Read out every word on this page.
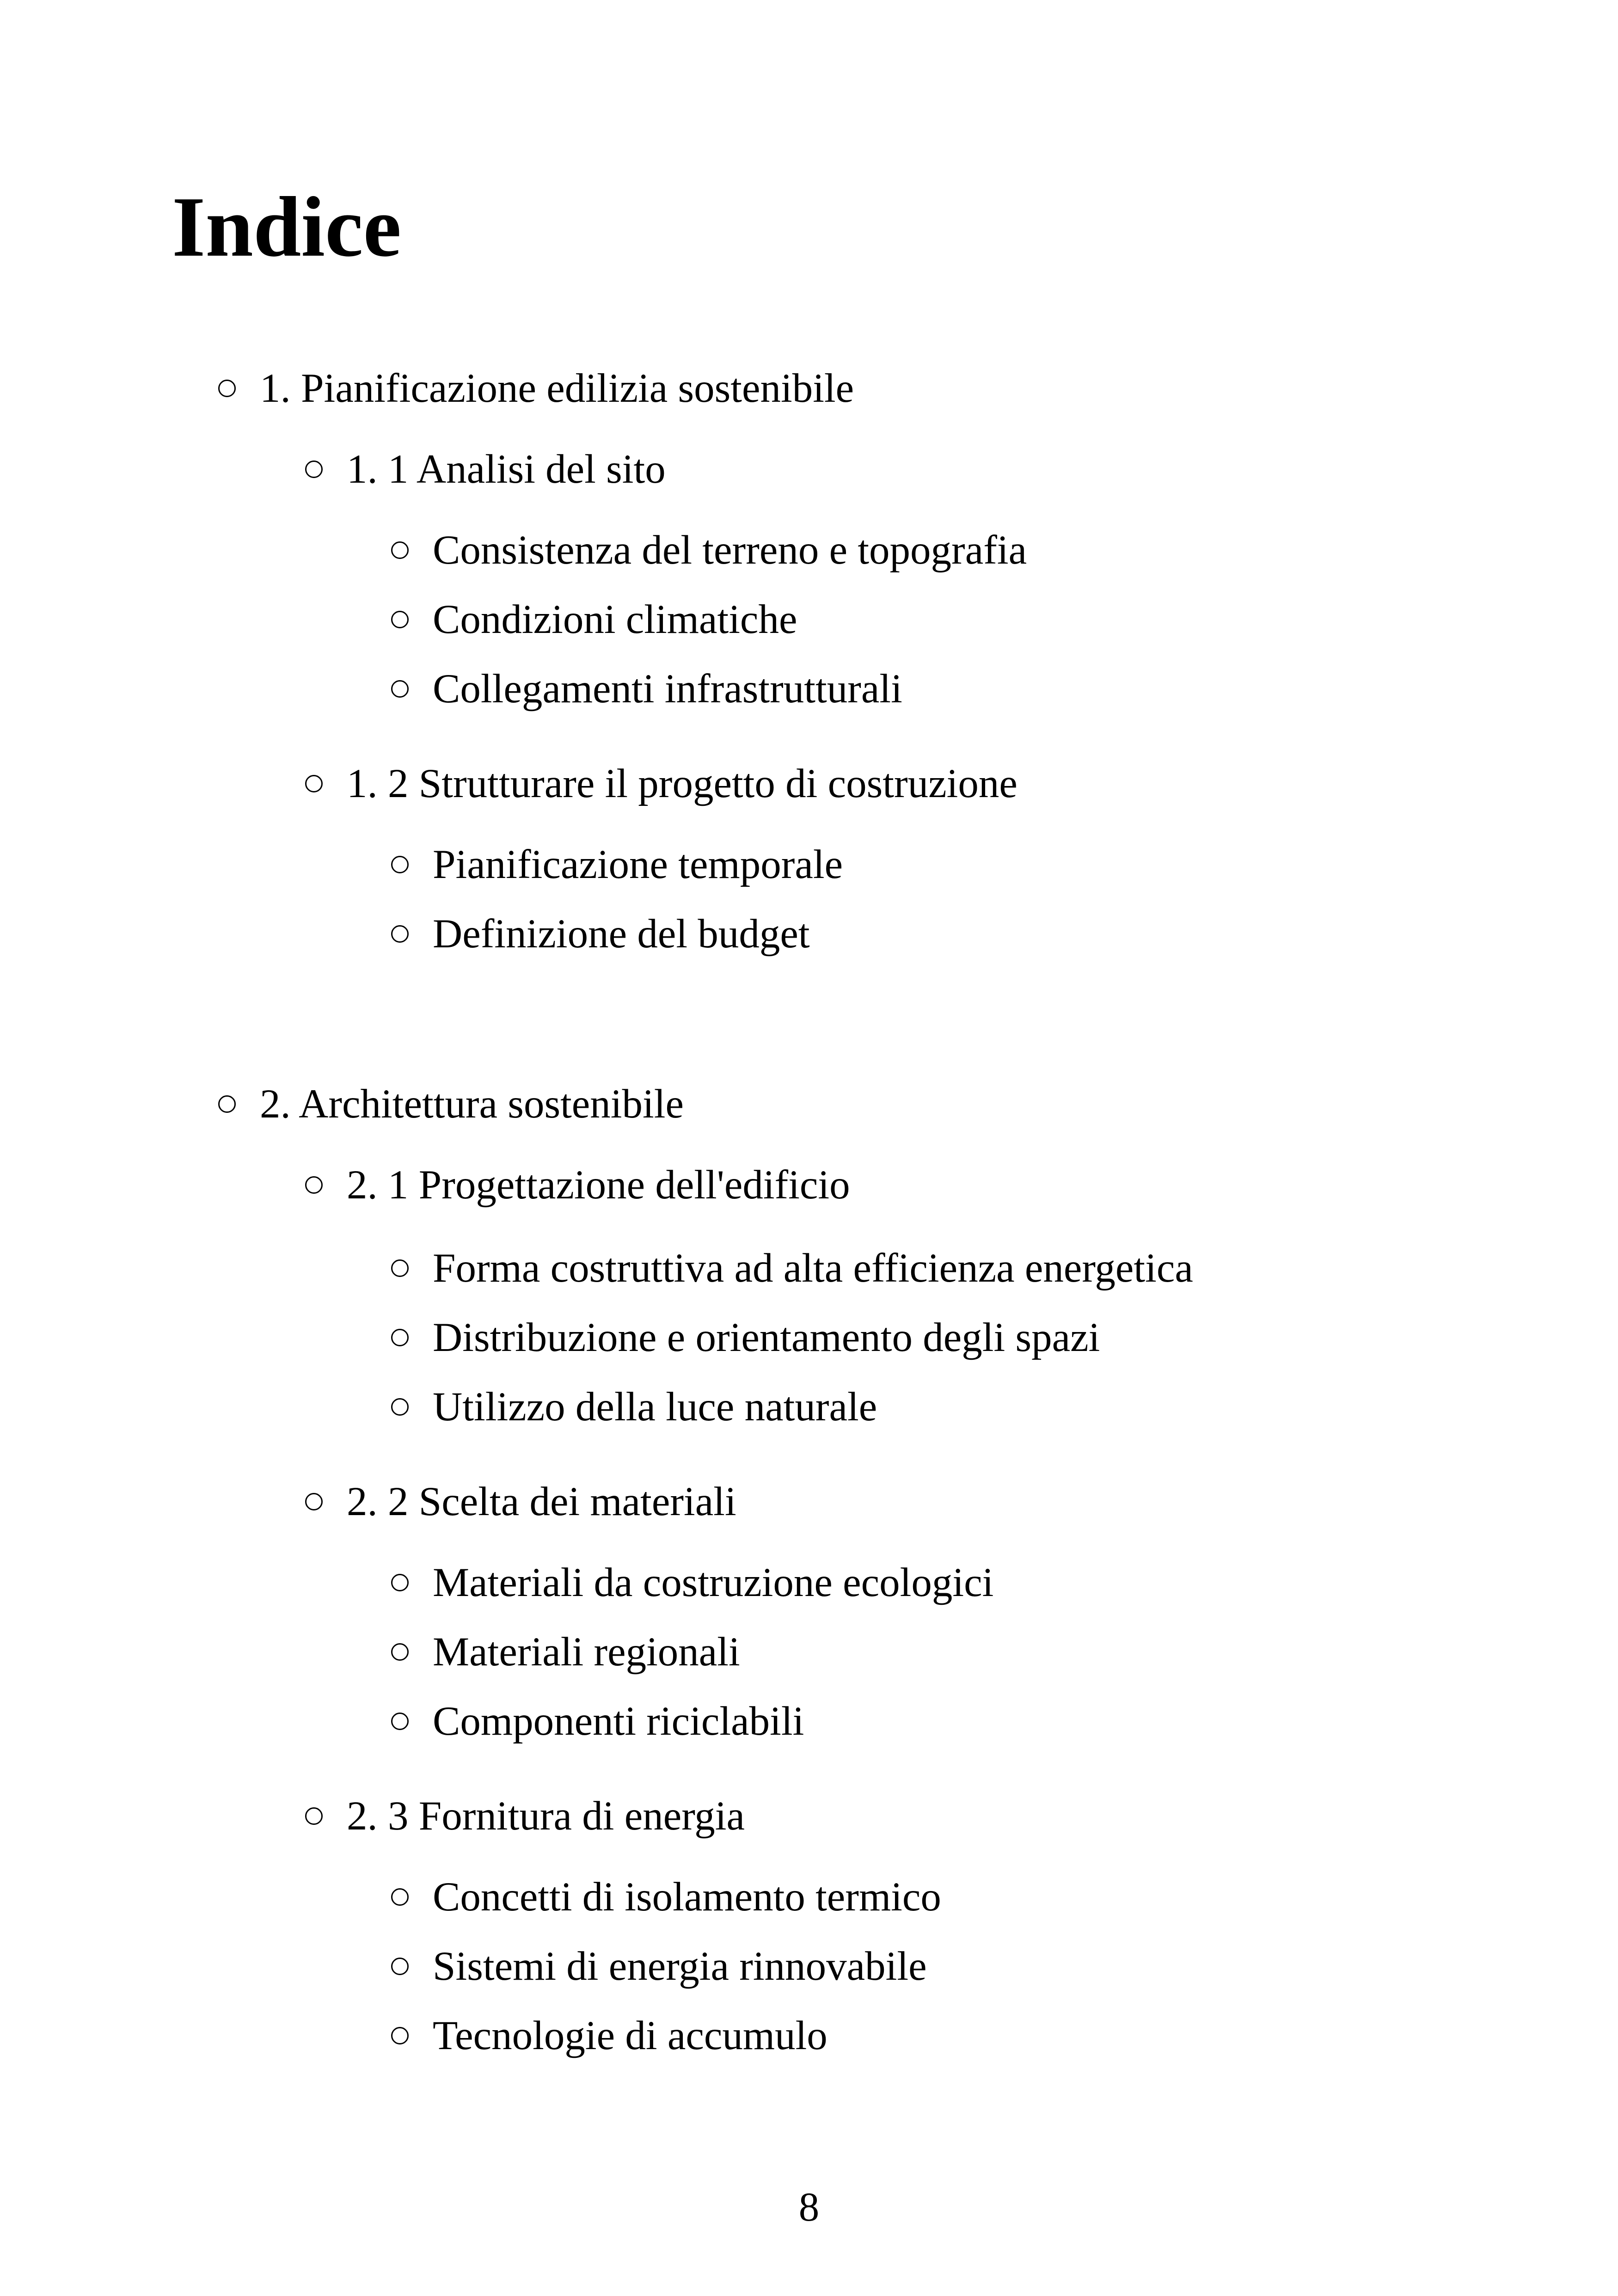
Indice
1. Pianificazione edilizia sostenibile
1. 1 Analisi del sito
Consistenza del terreno e topografia
Condizioni climatiche
Collegamenti infrastrutturali
1. 2 Strutturare il progetto di costruzione
Pianificazione temporale
Definizione del budget
2. Architettura sostenibile
2. 1 Progettazione dell'edificio
Forma costruttiva ad alta efficienza energetica
Distribuzione e orientamento degli spazi
Utilizzo della luce naturale
2. 2 Scelta dei materiali
Materiali da costruzione ecologici
Materiali regionali
Componenti riciclabili
2. 3 Fornitura di energia
Concetti di isolamento termico
Sistemi di energia rinnovabile
Tecnologie di accumulo
8
